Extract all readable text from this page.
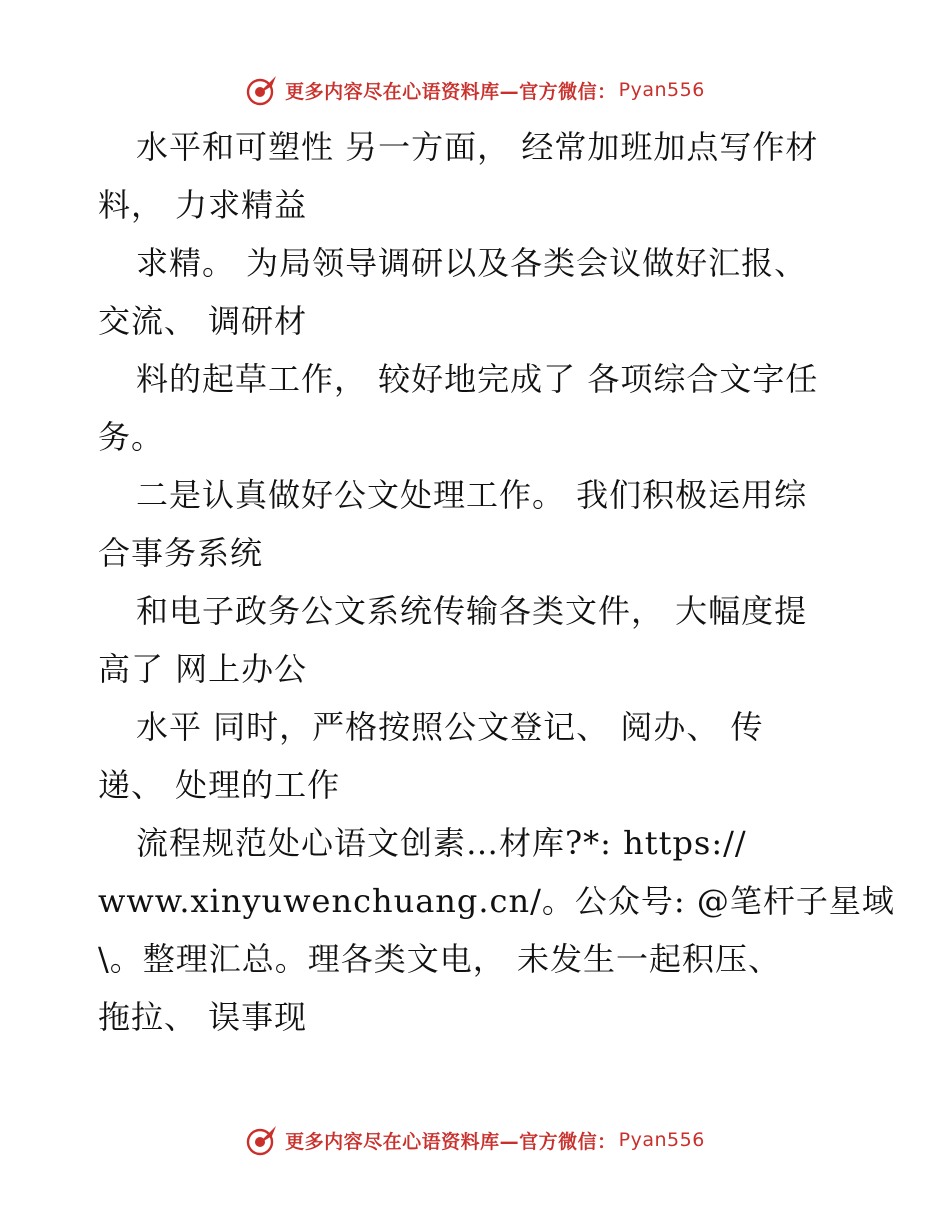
更多内容尽在心语资料库—官方微信： Pyan556
水平和可塑性 另一方面， 经常加班加点写作材
料， 力求精益
求精。 为局领导调研以及各类会议做好汇报、
交流、 调研材
料的起草工作， 较好地完成了 各项综合文字任
务。
二是认真做好公文处理工作。 我们积极运用综
合事务系统
和电子政务公文系统传输各类文件， 大幅度提
高了 网上办公
水平 同时，严格按照公文登记、 阅办、 传
递、 处理的工作
流程规范处心语文创素…材库?*: https://
www.xinyuwenchuang.cn/。公众号: @笔杆子星域
\。整理汇总。理各类文电， 未发生一起积压、
拖拉、 误事现
更多内容尽在心语资料库—官方微信： Pyan556
